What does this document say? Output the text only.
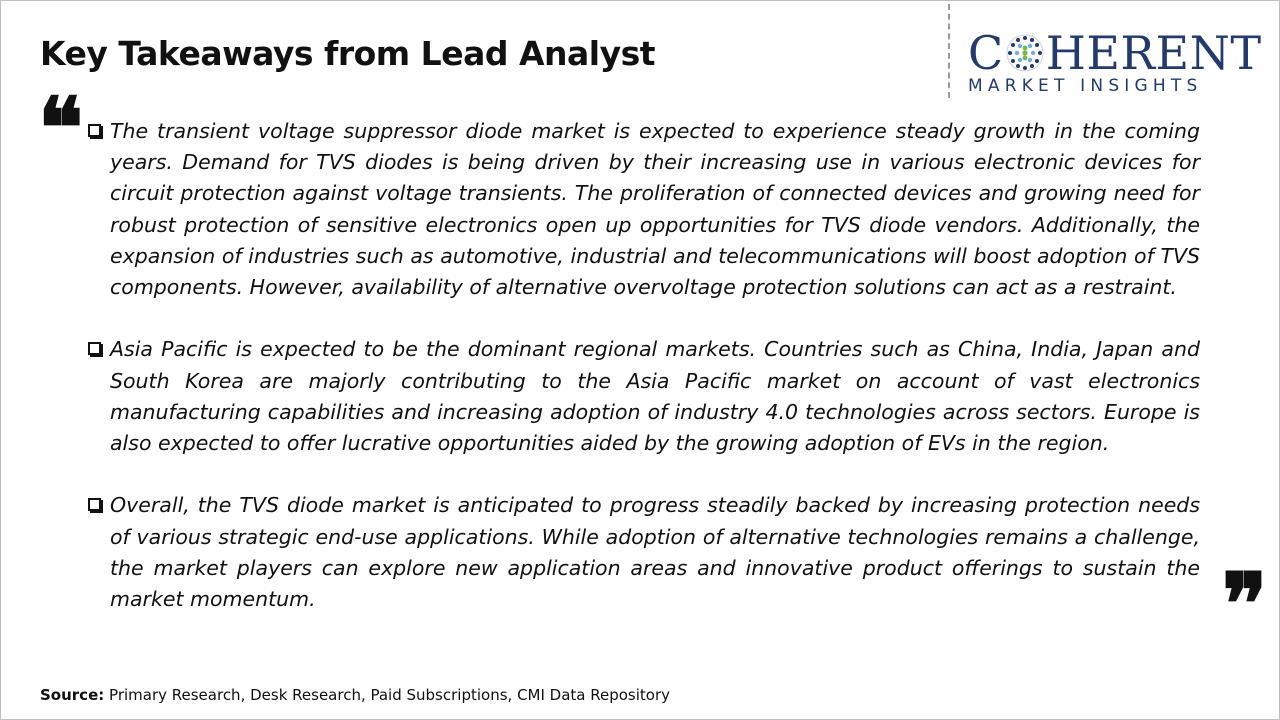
Key Takeaways from Lead Analyst	C HERENT
MARKET INSIGHTS
❝	The transient voltage suppressor diode market is expected to experience steady growth in the coming years. Demand for TVS diodes is being driven by their increasing use in various electronic devices for circuit protection against voltage transients. The proliferation of connected devices and growing need for robust protection of sensitive electronics open up opportunities for TVS diode vendors. Additionally, the expansion of industries such as automotive, industrial and telecommunications will boost adoption of TVS components. However, availability of alternative overvoltage protection solutions can act as a restraint.
Asia Pacific is expected to be the dominant regional markets. Countries such as China, India, Japan and South Korea are majorly contributing to the Asia Pacific market on account of vast electronics manufacturing capabilities and increasing adoption of industry 4.0 technologies across sectors. Europe is also expected to offer lucrative opportunities aided by the growing adoption of EVs in the region.
Overall, the TVS diode market is anticipated to progress steadily backed by increasing protection needs of various strategic end-use applications. While adoption of alternative technologies remains a challenge, the market players can explore new application areas and innovative product offerings to sustain the market momentum.	❞
Source: Primary Research, Desk Research, Paid Subscriptions, CMI Data Repository
